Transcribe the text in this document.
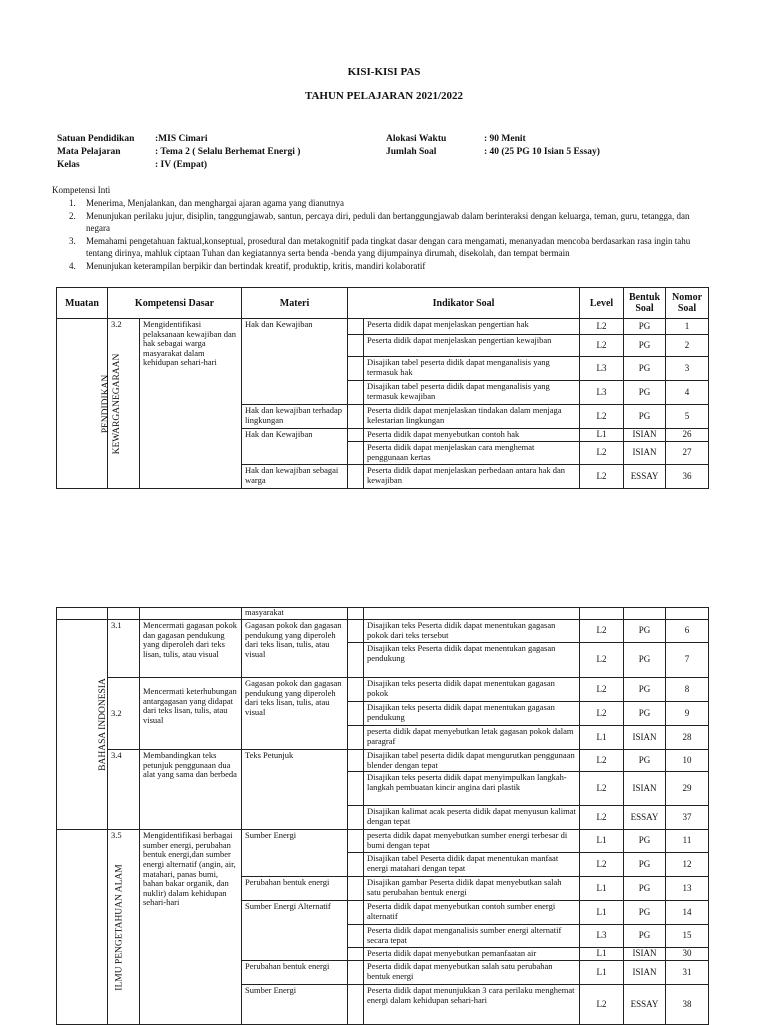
KISI-KISI PAS
TAHUN PELAJARAN 2021/2022
Satuan Pendidikan	:MIS Cimari
Mata Pelajaran	: Tema 2 ( Selalu Berhemat Energi )
Kelas	: IV (Empat)
Alokasi Waktu	: 90 Menit
Jumlah Soal	: 40 (25 PG 10 Isian 5 Essay)
Kompetensi Inti
1.	Menerima, Menjalankan, dan menghargai ajaran agama yang dianutnya
2.	Menunjukan perilaku jujur, disiplin, tanggungjawab, santun, percaya diri, peduli dan bertanggungjawab dalam berinteraksi dengan keluarga, teman, guru, tetangga, dan negara
3.	Memahami pengetahuan faktual,konseptual, prosedural dan metakognitif pada tingkat dasar dengan cara mengamati, menanyadan mencoba berdasarkan rasa ingin tahu tentang dirinya, mahluk ciptaan Tuhan dan kegiatannya serta benda -benda yang dijumpainya dirumah, disekolah, dan tempat bermain
4.	Menunjukan keterampilan berpikir dan bertindak kreatif, produktip, kritis, mandiri kolaboratif
Muatan	Kompetensi Dasar		Materi	Indikator Soal		Level	Bentuk Soal	Nomor Soal
PENDIDIKAN KEWARGANEGARAAN	3.2	Mengidentifikasi pelaksanaan kewajiban dan hak sebagai warga masyarakat dalam kehidupan sehari-hari	Hak dan Kewajiban		Peserta didik dapat menjelaskan pengertian hak	L2	PG	1
					Peserta didik dapat menjelaskan pengertian kewajiban	L2	PG	2
					Disajikan tabel peserta didik dapat menganalisis yang termasuk hak	L3	PG	3
					Disajikan tabel peserta didik dapat menganalisis yang termasuk kewajiban	L3	PG	4
			Hak dan kewajiban terhadap lingkungan		Peserta didik dapat menjelaskan tindakan dalam menjaga kelestarian lingkungan	L2	PG	5
			Hak dan Kewajiban		Peserta didik dapat menyebutkan contoh hak	L1	ISIAN	26
					Peserta didik dapat menjelaskan cara menghemat penggunaan kertas	L2	ISIAN	27
			Hak dan kewajiban sebagai warga		Peserta didik dapat menjelaskan perbedaan antara hak dan kewajiban	L2	ESSAY	36
			masyarakat					
BAHASA INDONESIA	3.1	Mencermati gagasan pokok dan gagasan pendukung yang diperoleh dari teks lisan, tulis, atau visual	Gagasan pokok dan gagasan pendukung yang diperoleh dari teks lisan, tulis, atau visual		Disajikan teks Peserta didik dapat menentukan gagasan pokok dari teks tersebut	L2	PG	6
					Disajikan teks Peserta didik dapat menentukan gagasan pendukung	L2	PG	7
	3.2	Mencermati keterhubungan antargagasan yang didapat dari teks lisan, tulis, atau visual	Gagasan pokok dan gagasan pendukung yang diperoleh dari teks lisan, tulis, atau visual		Disajikan teks peserta didik dapat menentukan gagasan pokok	L2	PG	8
					Disajikan teks peserta didik dapat menentukan gagasan pendukung	L2	PG	9
					peserta didik dapat menyebutkan letak gagasan pokok dalam paragraf	L1	ISIAN	28
	3.4	Membandingkan teks petunjuk penggunaan dua alat yang sama dan berbeda	Teks Petunjuk		Disajikan tabel peserta didik dapat mengurutkan penggunaan blender dengan tepat	L2	PG	10
					Disajikan teks peserta didik dapat menyimpulkan langkah-langkah pembuatan kincir angina dari plastik	L2	ISIAN	29
					Disajikan kalimat acak peserta didik dapat menyusun kalimat dengan tepat	L2	ESSAY	37
ILMU PENGETAHUAN ALAM	3.5	Mengidentifikasi berbagai sumber energi, perubahan bentuk energi,dan sumber energi alternatif (angin, air, matahari, panas bumi, bahan bakar organik, dan nuklir) dalam kehidupan sehari-hari	Sumber Energi		peserta didik dapat menyebutkan sumber energi terbesar di bumi dengan tepat	L1	PG	11
					Disajikan tabel Peserta didik dapat menentukan manfaat energi matahari dengan tepat	L2	PG	12
			Perubahan bentuk energi		Disajikan gambar Peserta didik dapat menyebutkan salah satu perubahan bentuk energi	L1	PG	13
			Sumber Energi Alternatif		Peserta didik dapat menyebutkan contoh sumber energi alternatif	L1	PG	14
					Peserta didik dapat menganalisis sumber energi alternatif secara tepat	L3	PG	15
					Peserta didik dapat menyebutkan pemanfaatan air	L1	ISIAN	30
			Perubahan bentuk energi		Peserta didik dapat menyebutkan salah satu perubahan bentuk energi	L1	ISIAN	31
			Sumber Energi		Peserta didik dapat menunjukkan 3 cara perilaku menghemat energi dalam kehidupan sehari-hari	L2	ESSAY	38
